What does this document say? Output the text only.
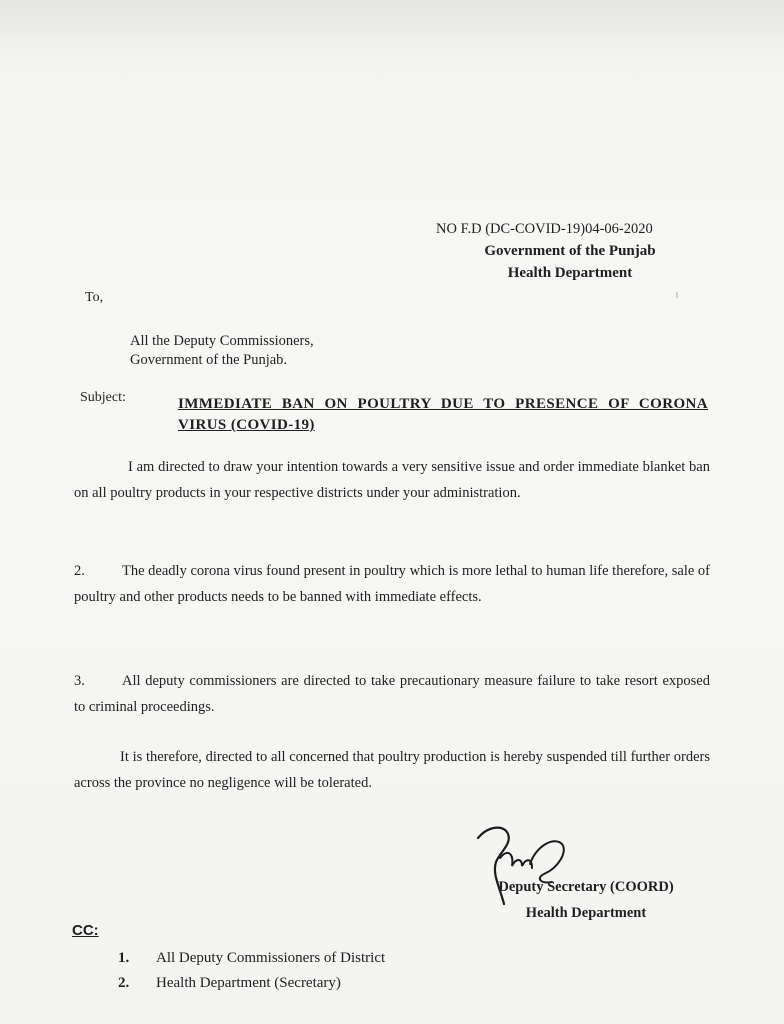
NO F.D (DC-COVID-19)04-06-2020
Government of the Punjab
Health Department
To,
All the Deputy Commissioners,
Government of the Punjab.
Subject:	IMMEDIATE BAN ON POULTRY DUE TO PRESENCE OF CORONA VIRUS (COVID-19)
I am directed to draw your intention towards a very sensitive issue and order immediate blanket ban on all poultry products in your respective districts under your administration.
2.	The deadly corona virus found present in poultry which is more lethal to human life therefore, sale of poultry and other products needs to be banned with immediate effects.
3.	All deputy commissioners are directed to take precautionary measure failure to take resort exposed to criminal proceedings.
It is therefore, directed to all concerned that poultry production is hereby suspended till further orders across the province no negligence will be tolerated.
Deputy Secretary (COORD)
Health Department
CC:
1. All Deputy Commissioners of District
2. Health Department (Secretary)
